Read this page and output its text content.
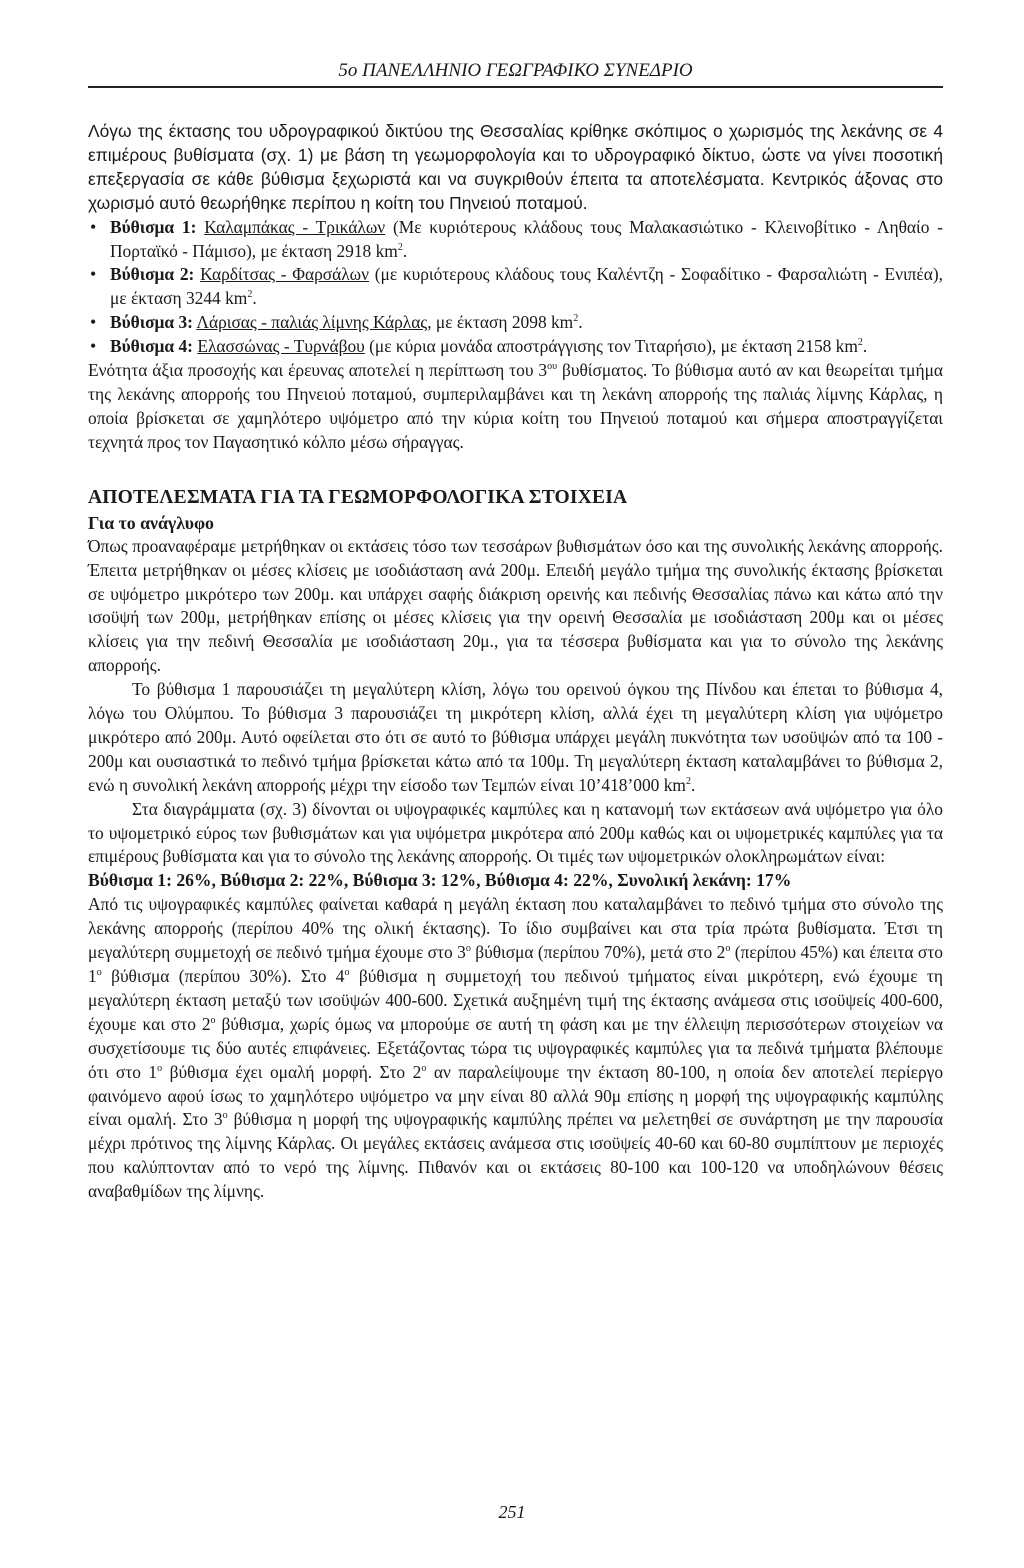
5ο ΠΑΝΕΛΛΗΝΙΟ ΓΕΩΓΡΑΦΙΚΟ ΣΥΝΕΔΡΙΟ

Λόγω της έκτασης του υδρογραφικού δικτύου της Θεσσαλίας κρίθηκε σκόπιμος ο χωρισμός της λεκάνης σε 4 επιμέρους βυθίσματα (σχ. 1) με βάση τη γεωμορφολογία και το υδρογραφικό δίκτυο, ώστε να γίνει ποσοτική επεξεργασία σε κάθε βύθισμα ξεχωριστά και να συγκριθούν έπειτα τα αποτελέσματα. Κεντρικός άξονας στο χωρισμό αυτό θεωρήθηκε περίπου η κοίτη του Πηνειού ποταμού.

• Βύθισμα 1: Καλαμπάκας - Τρικάλων (Με κυριότερους κλάδους τους Μαλακασιώτικο - Κλεινοβίτικο - Ληθαίο - Πορταϊκό - Πάμισο), με έκταση 2918 $km^2$.
• Βύθισμα 2: Καρδίτσας - Φαρσάλων (με κυριότερους κλάδους τους Καλέντζη - Σοφαδίτικο - Φαρσαλιώτη - Ενιπέα), με έκταση 3244 $km^2$.
• Βύθισμα 3: Λάρισας - παλιάς λίμνης Κάρλας, με έκταση 2098 $km^2$.
• Βύθισμα 4: Ελασσώνας - Τυρνάβου (με κύρια μονάδα αποστράγγισης τον Τιταρήσιο), με έκταση 2158 $km^2$.

Ενότητα άξια προσοχής και έρευνας αποτελεί η περίπτωση του $3^{o\upsilon}$ βυθίσματος. Το βύθισμα αυτό αν και θεωρείται τμήμα της λεκάνης απορροής του Πηνειού ποταμού, συμπεριλαμβάνει και τη λεκάνη απορροής της παλιάς λίμνης Κάρλας, η οποία βρίσκεται σε χαμηλότερο υψόμετρο από την κύρια κοίτη του Πηνειού ποταμού και σήμερα αποστραγγίζεται τεχνητά προς τον Παγασητικό κόλπο μέσω σήραγγας.

ΑΠΟΤΕΛΕΣΜΑΤΑ ΓΙΑ ΤΑ ΓΕΩΜΟΡΦΟΛΟΓΙΚΑ ΣΤΟΙΧΕΙΑ
Για το ανάγλυφο

Όπως προαναφέραμε μετρήθηκαν οι εκτάσεις τόσο των τεσσάρων βυθισμάτων όσο και της συνολικής λεκάνης απορροής. Έπειτα μετρήθηκαν οι μέσες κλίσεις με ισοδιάσταση ανά 200μ. Επειδή μεγάλο τμήμα της συνολικής έκτασης βρίσκεται σε υψόμετρο μικρότερο των 200μ. και υπάρχει σαφής διάκριση ορεινής και πεδινής Θεσσαλίας πάνω και κάτω από την ισοϋψή των 200μ, μετρήθηκαν επίσης οι μέσες κλίσεις για την ορεινή Θεσσαλία με ισοδιάσταση 200μ και οι μέσες κλίσεις για την πεδινή Θεσσαλία με ισοδιάσταση 20μ., για τα τέσσερα βυθίσματα και για το σύνολο της λεκάνης απορροής.

Το βύθισμα 1 παρουσιάζει τη μεγαλύτερη κλίση, λόγω του ορεινού όγκου της Πίνδου και έπεται το βύθισμα 4, λόγω του Ολύμπου. Το βύθισμα 3 παρουσιάζει τη μικρότερη κλίση, αλλά έχει τη μεγαλύτερη κλίση για υψόμετρο μικρότερο από 200μ. Αυτό οφείλεται στο ότι σε αυτό το βύθισμα υπάρχει μεγάλη πυκνότητα των υσοϋψών από τα 100 - 200μ και ουσιαστικά το πεδινό τμήμα βρίσκεται κάτω από τα 100μ. Τη μεγαλύτερη έκταση καταλαμβάνει το βύθισμα 2, ενώ η συνολική λεκάνη απορροής μέχρι την είσοδο των Τεμπών είναι 10’418’000 $km^2$.

Στα διαγράμματα (σχ. 3) δίνονται οι υψογραφικές καμπύλες και η κατανομή των εκτάσεων ανά υψόμετρο για όλο το υψομετρικό εύρος των βυθισμάτων και για υψόμετρα μικρότερα από 200μ καθώς και οι υψομετρικές καμπύλες για τα επιμέρους βυθίσματα και για το σύνολο της λεκάνης απορροής. Οι τιμές των υψομετρικών ολοκληρωμάτων είναι:

Βύθισμα 1: 26%, Βύθισμα 2: 22%, Βύθισμα 3: 12%, Βύθισμα 4: 22%, Συνολική λεκάνη: 17%

Από τις υψογραφικές καμπύλες φαίνεται καθαρά η μεγάλη έκταση που καταλαμβάνει το πεδινό τμήμα στο σύνολο της λεκάνης απορροής (περίπου 40% της ολική έκτασης). Το ίδιο συμβαίνει και στα τρία πρώτα βυθίσματα. Έτσι τη μεγαλύτερη συμμετοχή σε πεδινό τμήμα έχουμε στο $3^o$ βύθισμα (περίπου 70%), μετά στο $2^o$ (περίπου 45%) και έπειτα στο $1^o$ βύθισμα (περίπου 30%). Στο $4^o$ βύθισμα η συμμετοχή του πεδινού τμήματος είναι μικρότερη, ενώ έχουμε τη μεγαλύτερη έκταση μεταξύ των ισοϋψών 400-600. Σχετικά αυξημένη τιμή της έκτασης ανάμεσα στις ισοϋψείς 400-600, έχουμε και στο $2^o$ βύθισμα, χωρίς όμως να μπορούμε σε αυτή τη φάση και με την έλλειψη περισσότερων στοιχείων να συσχετίσουμε τις δύο αυτές επιφάνειες. Εξετάζοντας τώρα τις υψογραφικές καμπύλες για τα πεδινά τμήματα βλέπουμε ότι στο $1^o$ βύθισμα έχει ομαλή μορφή. Στο $2^o$ αν παραλείψουμε την έκταση 80-100, η οποία δεν αποτελεί περίεργο φαινόμενο αφού ίσως το χαμηλότερο υψόμετρο να μην είναι 80 αλλά 90μ επίσης η μορφή της υψογραφικής καμπύλης είναι ομαλή. Στο $3^o$ βύθισμα η μορφή της υψογραφικής καμπύλης πρέπει να μελετηθεί σε συνάρτηση με την παρουσία μέχρι πρότινος της λίμνης Κάρλας. Οι μεγάλες εκτάσεις ανάμεσα στις ισοϋψείς 40-60 και 60-80 συμπίπτουν με περιοχές που καλύπτονταν από το νερό της λίμνης. Πιθανόν και οι εκτάσεις 80-100 και 100-120 να υποδηλώνουν θέσεις αναβαθμίδων της λίμνης.

251
